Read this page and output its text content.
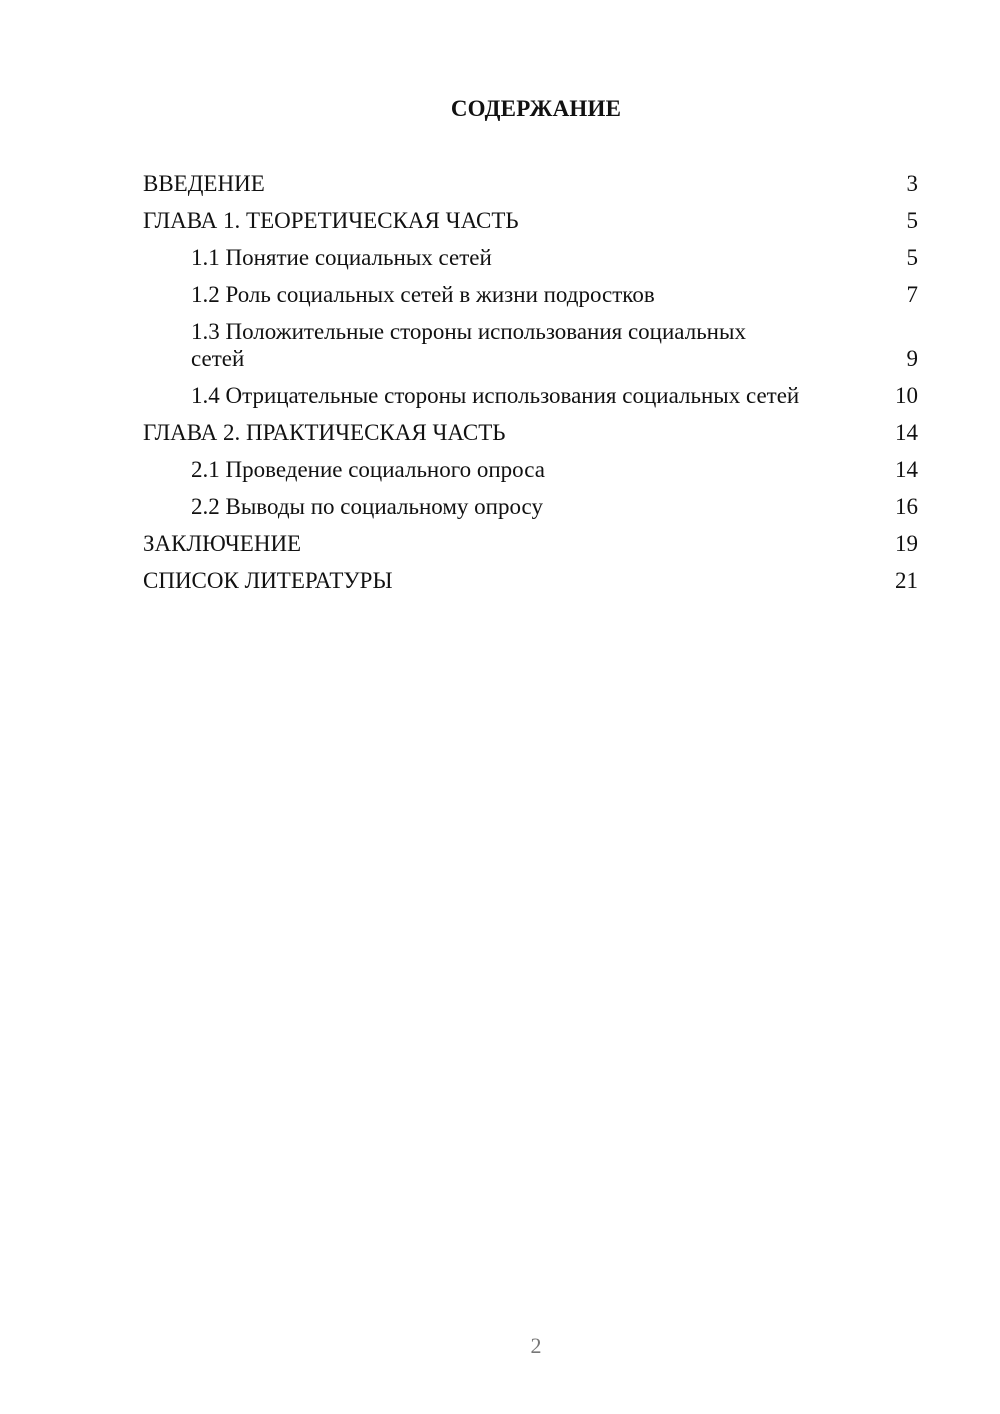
СОДЕРЖАНИЕ
ВВЕДЕНИЕ	3
ГЛАВА 1. ТЕОРЕТИЧЕСКАЯ ЧАСТЬ	5
1.1 Понятие социальных сетей	5
1.2 Роль социальных сетей в жизни подростков	7
1.3 Положительные стороны использования социальных сетей	9
1.4 Отрицательные стороны использования социальных сетей	10
ГЛАВА 2. ПРАКТИЧЕСКАЯ ЧАСТЬ	14
2.1 Проведение социального опроса	14
2.2 Выводы по социальному опросу	16
ЗАКЛЮЧЕНИЕ	19
СПИСОК ЛИТЕРАТУРЫ	21
2
